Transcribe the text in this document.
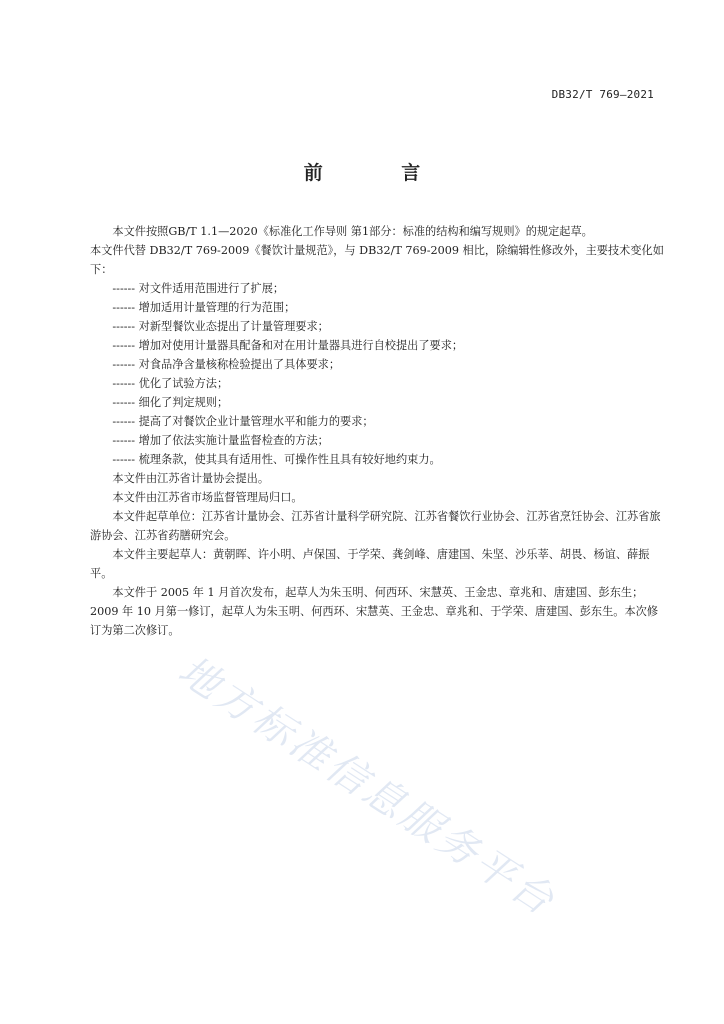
DB32/T 769—2021
前 言

本文件按照GB/T 1.1—2020《标准化工作导则 第1部分：标准的结构和编写规则》的规定起草。

本文件代替 DB32/T 769-2009《餐饮计量规范》，与 DB32/T 769-2009 相比，除编辑性修改外，主要技术变化如下：

------ 对文件适用范围进行了扩展；
------ 增加适用计量管理的行为范围；
------ 对新型餐饮业态提出了计量管理要求；
------ 增加对使用计量器具配备和对在用计量器具进行自校提出了要求；
------ 对食品净含量核称检验提出了具体要求；
------ 优化了试验方法；
------ 细化了判定规则；
------ 提高了对餐饮企业计量管理水平和能力的要求；
------ 增加了依法实施计量监督检查的方法；
------ 梳理条款，使其具有适用性、可操作性且具有较好地约束力。

本文件由江苏省计量协会提出。

本文件由江苏省市场监督管理局归口。

本文件起草单位：江苏省计量协会、江苏省计量科学研究院、江苏省餐饮行业协会、江苏省烹饪协会、江苏省旅游协会、江苏省药膳研究会。

本文件主要起草人：黄朝晖、许小明、卢保国、于学荣、龚剑峰、唐建国、朱坚、沙乐莘、胡畏、杨谊、薛振平。

本文件于 2005 年 1 月首次发布，起草人为朱玉明、何西环、宋慧英、王金忠、章兆和、唐建国、彭东生；2009 年 10 月第一修订，起草人为朱玉明、何西环、宋慧英、王金忠、章兆和、于学荣、唐建国、彭东生。本次修订为第二次修订。

地方标准信息服务平台
